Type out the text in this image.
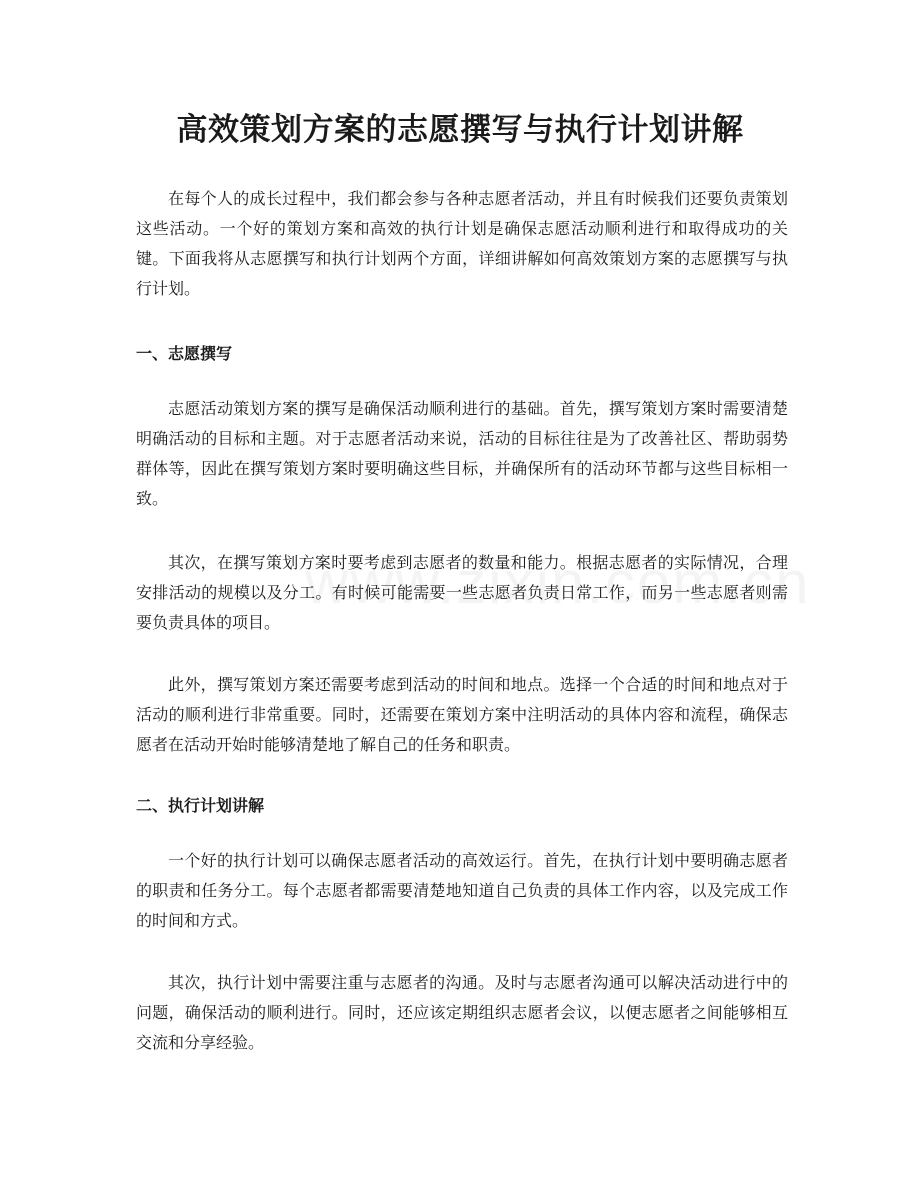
高效策划方案的志愿撰写与执行计划讲解

在每个人的成长过程中，我们都会参与各种志愿者活动，并且有时候我们还要负责策划这些活动。一个好的策划方案和高效的执行计划是确保志愿活动顺利进行和取得成功的关键。下面我将从志愿撰写和执行计划两个方面，详细讲解如何高效策划方案的志愿撰写与执行计划。

一、志愿撰写

志愿活动策划方案的撰写是确保活动顺利进行的基础。首先，撰写策划方案时需要清楚明确活动的目标和主题。对于志愿者活动来说，活动的目标往往是为了改善社区、帮助弱势群体等，因此在撰写策划方案时要明确这些目标，并确保所有的活动环节都与这些目标相一致。

其次，在撰写策划方案时要考虑到志愿者的数量和能力。根据志愿者的实际情况，合理安排活动的规模以及分工。有时候可能需要一些志愿者负责日常工作，而另一些志愿者则需要负责具体的项目。

此外，撰写策划方案还需要考虑到活动的时间和地点。选择一个合适的时间和地点对于活动的顺利进行非常重要。同时，还需要在策划方案中注明活动的具体内容和流程，确保志愿者在活动开始时能够清楚地了解自己的任务和职责。

二、执行计划讲解

一个好的执行计划可以确保志愿者活动的高效运行。首先，在执行计划中要明确志愿者的职责和任务分工。每个志愿者都需要清楚地知道自己负责的具体工作内容，以及完成工作的时间和方式。

其次，执行计划中需要注重与志愿者的沟通。及时与志愿者沟通可以解决活动进行中的问题，确保活动的顺利进行。同时，还应该定期组织志愿者会议，以便志愿者之间能够相互交流和分享经验。
